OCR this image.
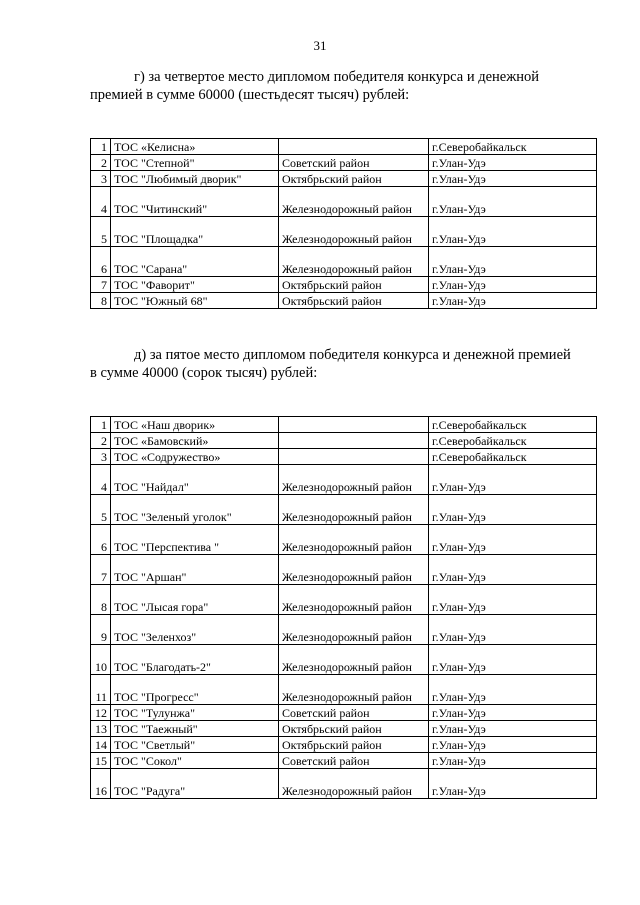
31
г) за четвертое место дипломом победителя конкурса и денежной
премией в сумме 60000 (шестьдесят тысяч) рублей:
1	ТОС «Келисна»		г.Северобайкальск
2	ТОС "Степной"	Советский район	г.Улан-Удэ
3	ТОС "Любимый дворик"	Октябрьский район	г.Улан-Удэ
4	ТОС "Читинский"	Железнодорожный район	г.Улан-Удэ
5	ТОС "Площадка"	Железнодорожный район	г.Улан-Удэ
6	ТОС "Сарана"	Железнодорожный район	г.Улан-Удэ
7	ТОС "Фаворит"	Октябрьский район	г.Улан-Удэ
8	ТОС "Южный 68"	Октябрьский район	г.Улан-Удэ
д) за пятое место дипломом победителя конкурса и денежной премией
в сумме 40000 (сорок тысяч) рублей:
1	ТОС «Наш дворик»		г.Северобайкальск
2	ТОС «Бамовский»		г.Северобайкальск
3	ТОС «Содружество»		г.Северобайкальск
4	ТОС "Найдал"	Железнодорожный район	г.Улан-Удэ
5	ТОС "Зеленый уголок"	Железнодорожный район	г.Улан-Удэ
6	ТОС "Перспектива "	Железнодорожный район	г.Улан-Удэ
7	ТОС "Аршан"	Железнодорожный район	г.Улан-Удэ
8	ТОС "Лысая гора"	Железнодорожный район	г.Улан-Удэ
9	ТОС "Зеленхоз"	Железнодорожный район	г.Улан-Удэ
10	ТОС "Благодать-2"	Железнодорожный район	г.Улан-Удэ
11	ТОС "Прогресс"	Железнодорожный район	г.Улан-Удэ
12	ТОС "Тулунжа"	Советский район	г.Улан-Удэ
13	ТОС "Таежный"	Октябрьский район	г.Улан-Удэ
14	ТОС "Светлый"	Октябрьский район	г.Улан-Удэ
15	ТОС "Сокол"	Советский район	г.Улан-Удэ
16	ТОС "Радуга"	Железнодорожный район	г.Улан-Удэ
